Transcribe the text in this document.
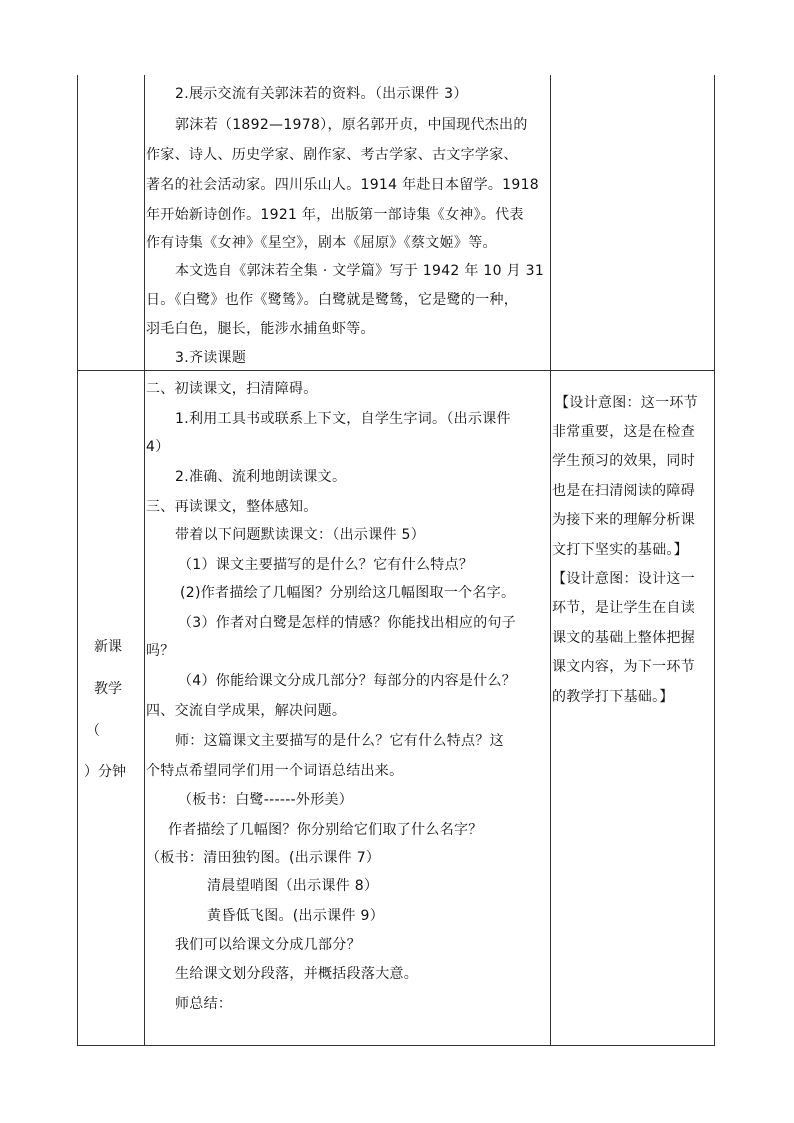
2.展示交流有关郭沫若的资料。（出示课件 3）
郭沫若（1892—1978），原名郭开贞，中国现代杰出的
作家、诗人、历史学家、剧作家、考古学家、古文字学家、
著名的社会活动家。四川乐山人。1914 年赴日本留学。1918
年开始新诗创作。1921 年，出版第一部诗集《女神》。代表
作有诗集《女神》《星空》，剧本《屈原》《蔡文姬》等。
本文选自《郭沫若全集 · 文学篇》写于 1942 年 10 月 31
日。《白鹭》也作《鹭鸶》。白鹭就是鹭鸶，它是鹭的一种，
羽毛白色，腿长，能涉水捕鱼虾等。
3.齐读课题
新课
教学
（
）分钟
二、初读课文，扫清障碍。
1.利用工具书或联系上下文，自学生字词。（出示课件
4）
2.准确、流利地朗读课文。
三、再读课文，整体感知。
带着以下问题默读课文：（出示课件 5）
（1）课文主要描写的是什么？它有什么特点？
(2)作者描绘了几幅图？分别给这几幅图取一个名字。
（3）作者对白鹭是怎样的情感？你能找出相应的句子
吗？
（4）你能给课文分成几部分？每部分的内容是什么？
四、交流自学成果，解决问题。
师：这篇课文主要描写的是什么？它有什么特点？这
个特点希望同学们用一个词语总结出来。
（板书：白鹭------外形美）
作者描绘了几幅图？你分别给它们取了什么名字？
（板书：清田独钓图。(出示课件 7）
清晨望哨图（出示课件 8）
黄昏低飞图。(出示课件 9）
我们可以给课文分成几部分？
生给课文划分段落，并概括段落大意。
师总结：
【设计意图：这一环节
非常重要，这是在检查
学生预习的效果，同时
也是在扫清阅读的障碍
为接下来的理解分析课
文打下坚实的基础。】
【设计意图：设计这一
环节，是让学生在自读
课文的基础上整体把握
课文内容，为下一环节
的教学打下基础。】
